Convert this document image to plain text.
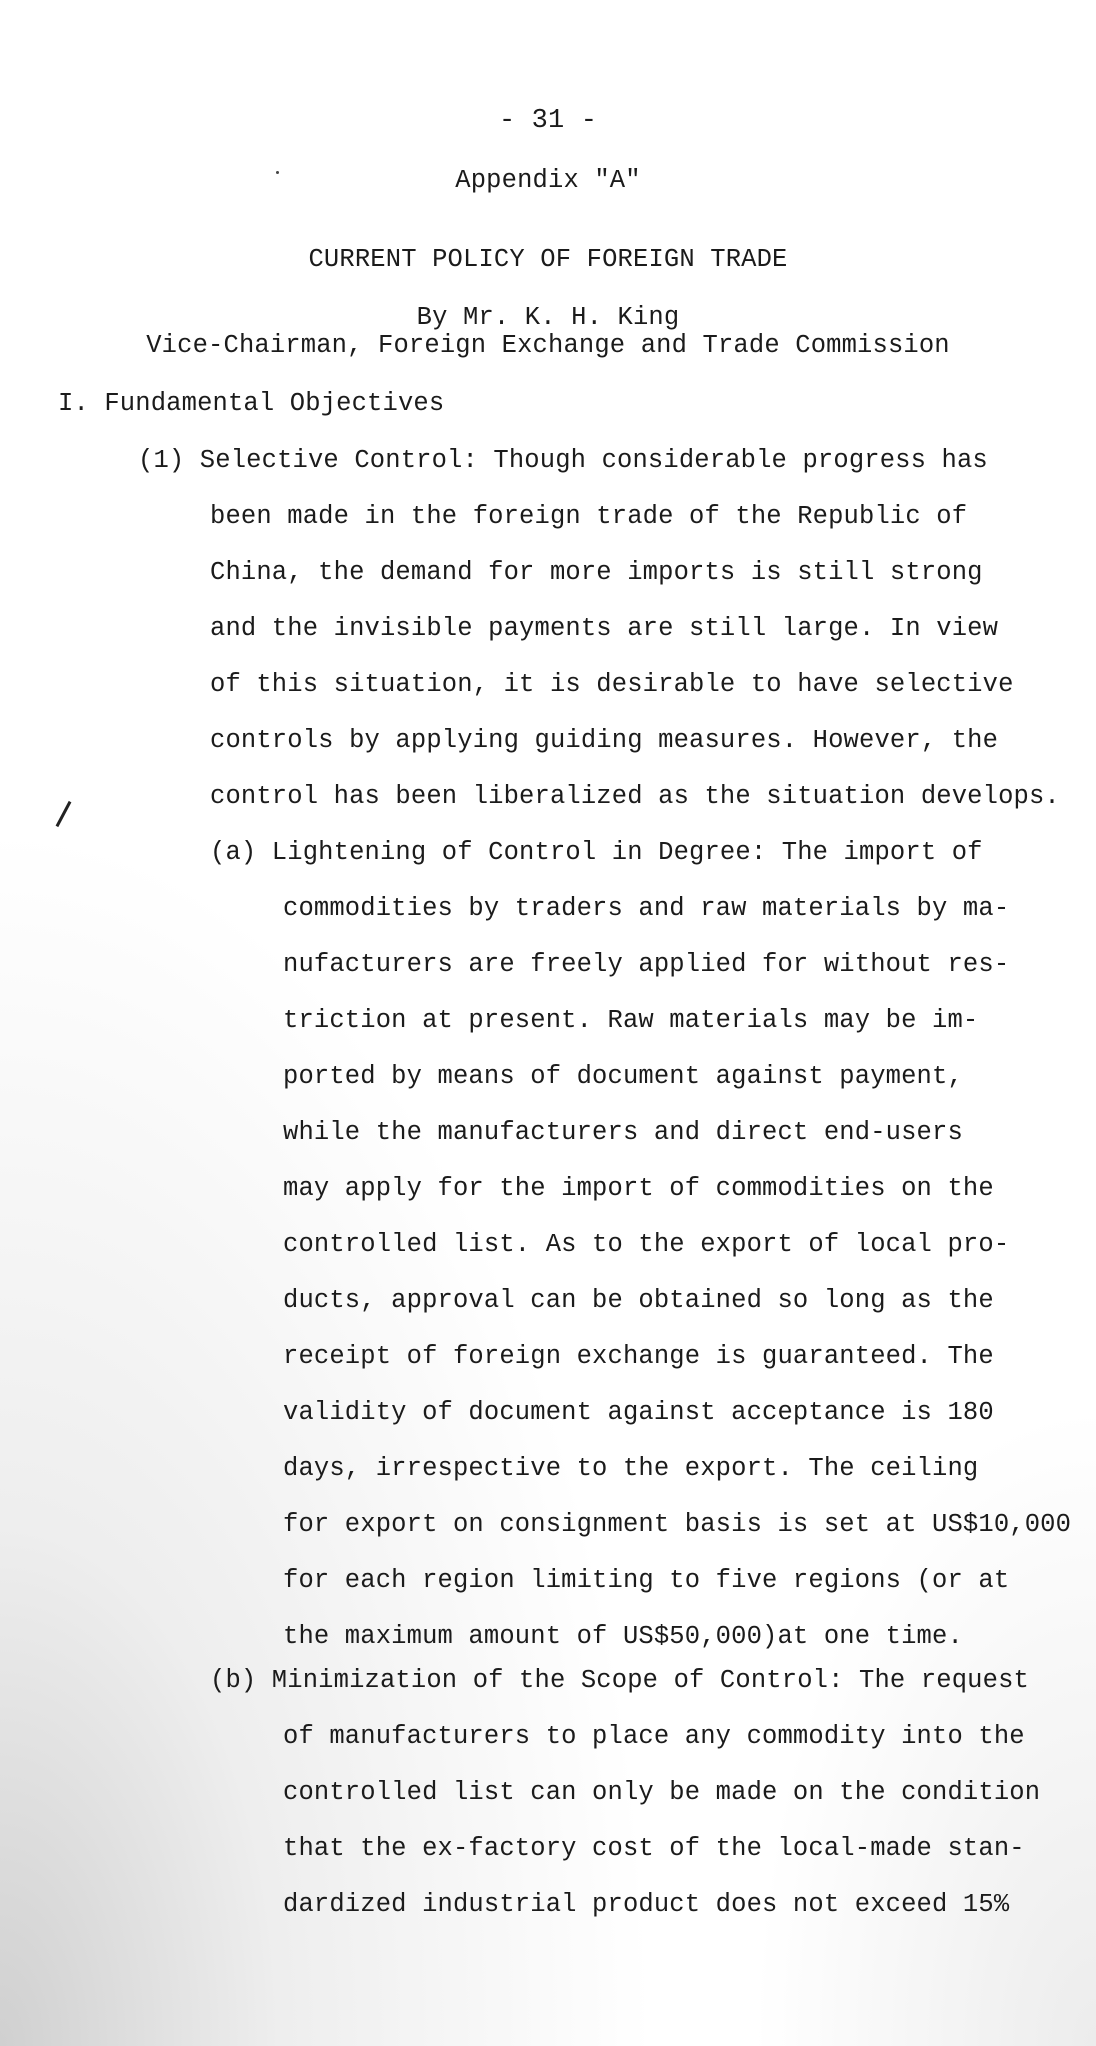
- 31 -
Appendix "A"
CURRENT POLICY OF FOREIGN TRADE
By Mr. K. H. King
Vice-Chairman, Foreign Exchange and Trade Commission
I. Fundamental Objectives
(1) Selective Control: Though considerable progress has
been made in the foreign trade of the Republic of
China, the demand for more imports is still strong
and the invisible payments are still large. In view
of this situation, it is desirable to have selective
controls by applying guiding measures. However, the
control has been liberalized as the situation develops.
(a) Lightening of Control in Degree: The import of
commodities by traders and raw materials by ma-
nufacturers are freely applied for without res-
triction at present. Raw materials may be im-
ported by means of document against payment,
while the manufacturers and direct end-users
may apply for the import of commodities on the
controlled list. As to the export of local pro-
ducts, approval can be obtained so long as the
receipt of foreign exchange is guaranteed. The
validity of document against acceptance is 180
days, irrespective to the export. The ceiling
for export on consignment basis is set at US$10,000
for each region limiting to five regions (or at
the maximum amount of US$50,000)at one time.
(b) Minimization of the Scope of Control: The request
of manufacturers to place any commodity into the
controlled list can only be made on the condition
that the ex-factory cost of the local-made stan-
dardized industrial product does not exceed 15%
